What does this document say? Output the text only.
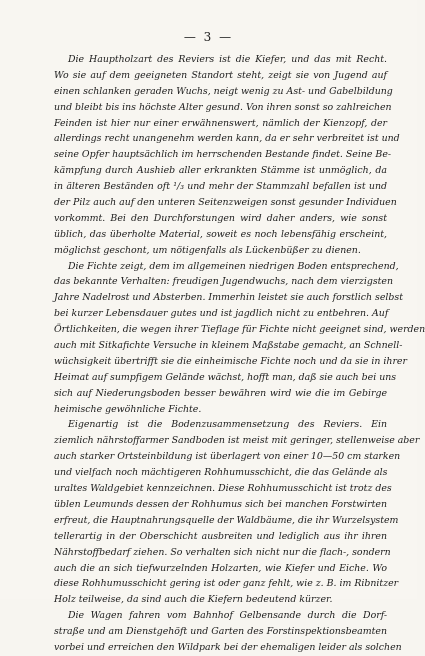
— 3 —
Die Hauptholzart des Reviers ist die Kiefer, und das mit Recht.
Wo sie auf dem geeigneten Standort steht, zeigt sie von Jugend auf
einen schlanken geraden Wuchs, neigt wenig zu Ast- und Gabelbildung
und bleibt bis ins höchste Alter gesund. Von ihren sonst so zahlreichen
Feinden ist hier nur einer erwähnenswert, nämlich der Kienzopf, der
allerdings recht unangenehm werden kann, da er sehr verbreitet ist und
seine Opfer hauptsächlich im herrschenden Bestande findet. Seine Be-
kämpfung durch Aushieb aller erkrankten Stämme ist unmöglich, da
in älteren Beständen oft ¹/₃ und mehr der Stammzahl befallen ist und
der Pilz auch auf den unteren Seitenzweigen sonst gesunder Individuen
vorkommt. Bei den Durchforstungen wird daher anders, wie sonst
üblich, das überholte Material, soweit es noch lebensfähig erscheint,
möglichst geschont, um nötigenfalls als Lückenbüßer zu dienen.
Die Fichte zeigt, dem im allgemeinen niedrigen Boden entsprechend,
das bekannte Verhalten: freudigen Jugendwuchs, nach dem vierzigsten
Jahre Nadelrost und Absterben. Immerhin leistet sie auch forstlich selbst
bei kurzer Lebensdauer gutes und ist jagdlich nicht zu entbehren. Auf
Örtlichkeiten, die wegen ihrer Tieflage für Fichte nicht geeignet sind, werden
auch mit Sitkafichte Versuche in kleinem Maßstabe gemacht, an Schnell-
wüchsigkeit übertrifft sie die einheimische Fichte noch und da sie in ihrer
Heimat auf sumpfigem Gelände wächst, hofft man, daß sie auch bei uns
sich auf Niederungsboden besser bewähren wird wie die im Gebirge
heimische gewöhnliche Fichte.
Eigenartig ist die Bodenzusammensetzung des Reviers. Ein
ziemlich nährstoffarmer Sandboden ist meist mit geringer, stellenweise aber
auch starker Ortsteinbildung ist überlagert von einer 10—50 cm starken
und vielfach noch mächtigeren Rohhumusschicht, die das Gelände als
uraltes Waldgebiet kennzeichnen. Diese Rohhumusschicht ist trotz des
üblen Leumunds dessen der Rohhumus sich bei manchen Forstwirten
erfreut, die Hauptnahrungsquelle der Waldbäume, die ihr Wurzelsystem
tellerartig in der Oberschicht ausbreiten und lediglich aus ihr ihren
Nährstoffbedarf ziehen. So verhalten sich nicht nur die flach-, sondern
auch die an sich tiefwurzelnden Holzarten, wie Kiefer und Eiche. Wo
diese Rohhumusschicht gering ist oder ganz fehlt, wie z. B. im Ribnitzer
Holz teilweise, da sind auch die Kiefern bedeutend kürzer.
Die Wagen fahren vom Bahnhof Gelbensande durch die Dorf-
straße und am Dienstgehöft und Garten des Forstinspektionsbeamten
vorbei und erreichen den Wildpark bei der ehemaligen leider als solchen
